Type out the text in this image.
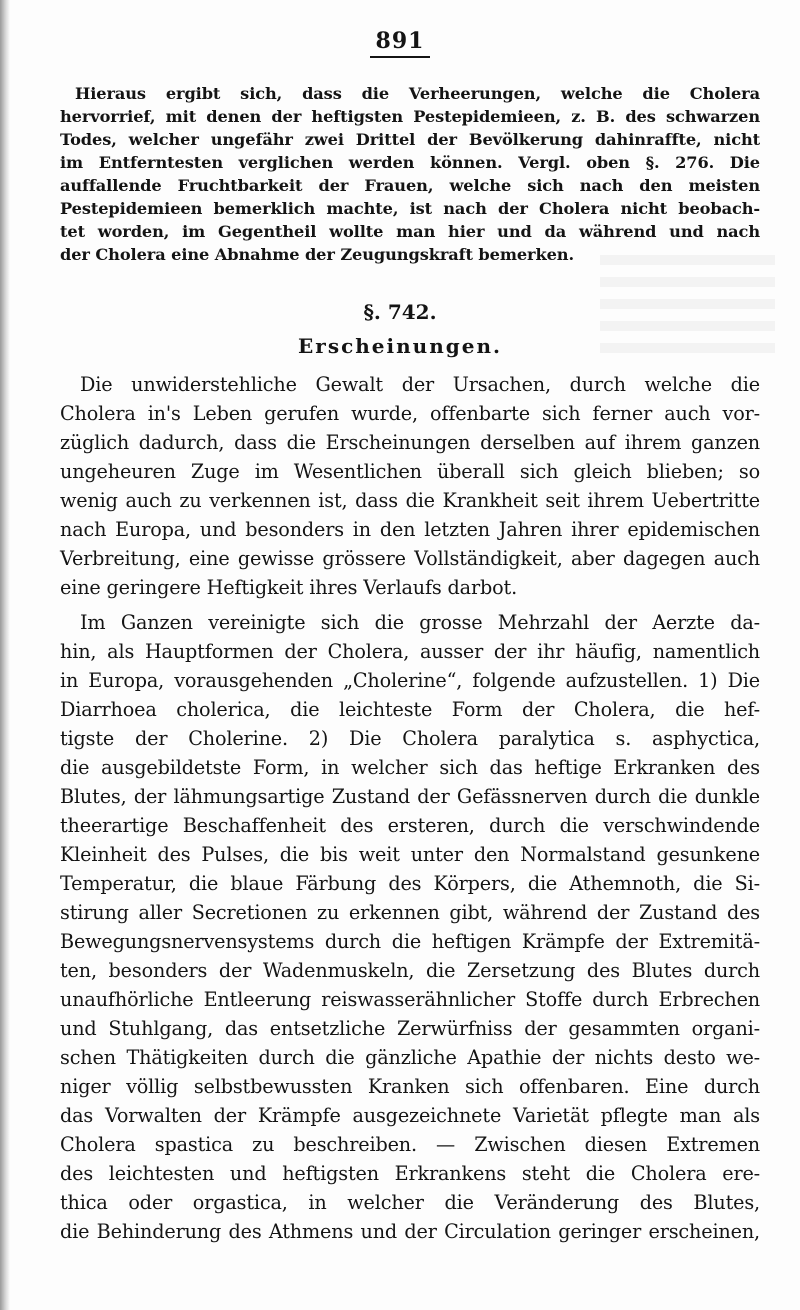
891
Hieraus ergibt sich, dass die Verheerungen, welche die Cholera
hervorrief, mit denen der heftigsten Pestepidemieen, z. B. des schwarzen
Todes, welcher ungefähr zwei Drittel der Bevölkerung dahinraffte, nicht
im Entferntesten verglichen werden können. Vergl. oben §. 276. Die
auffallende Fruchtbarkeit der Frauen, welche sich nach den meisten
Pestepidemieen bemerklich machte, ist nach der Cholera nicht beobach-
tet worden, im Gegentheil wollte man hier und da während und nach
der Cholera eine Abnahme der Zeugungskraft bemerken.
§. 742.
Erscheinungen.
Die unwiderstehliche Gewalt der Ursachen, durch welche die
Cholera in's Leben gerufen wurde, offenbarte sich ferner auch vor-
züglich dadurch, dass die Erscheinungen derselben auf ihrem ganzen
ungeheuren Zuge im Wesentlichen überall sich gleich blieben; so
wenig auch zu verkennen ist, dass die Krankheit seit ihrem Uebertritte
nach Europa, und besonders in den letzten Jahren ihrer epidemischen
Verbreitung, eine gewisse grössere Vollständigkeit, aber dagegen auch
eine geringere Heftigkeit ihres Verlaufs darbot.
Im Ganzen vereinigte sich die grosse Mehrzahl der Aerzte da-
hin, als Hauptformen der Cholera, ausser der ihr häufig, namentlich
in Europa, vorausgehenden „Cholerine“, folgende aufzustellen. 1) Die
Diarrhoea cholerica, die leichteste Form der Cholera, die hef-
tigste der Cholerine. 2) Die Cholera paralytica s. asphyctica,
die ausgebildetste Form, in welcher sich das heftige Erkranken des
Blutes, der lähmungsartige Zustand der Gefässnerven durch die dunkle
theerartige Beschaffenheit des ersteren, durch die verschwindende
Kleinheit des Pulses, die bis weit unter den Normalstand gesunkene
Temperatur, die blaue Färbung des Körpers, die Athemnoth, die Si-
stirung aller Secretionen zu erkennen gibt, während der Zustand des
Bewegungsnervensystems durch die heftigen Krämpfe der Extremitä-
ten, besonders der Wadenmuskeln, die Zersetzung des Blutes durch
unaufhörliche Entleerung reiswasserähnlicher Stoffe durch Erbrechen
und Stuhlgang, das entsetzliche Zerwürfniss der gesammten organi-
schen Thätigkeiten durch die gänzliche Apathie der nichts desto we-
niger völlig selbstbewussten Kranken sich offenbaren. Eine durch
das Vorwalten der Krämpfe ausgezeichnete Varietät pflegte man als
Cholera spastica zu beschreiben. — Zwischen diesen Extremen
des leichtesten und heftigsten Erkrankens steht die Cholera ere-
thica oder orgastica, in welcher die Veränderung des Blutes,
die Behinderung des Athmens und der Circulation geringer erscheinen,
